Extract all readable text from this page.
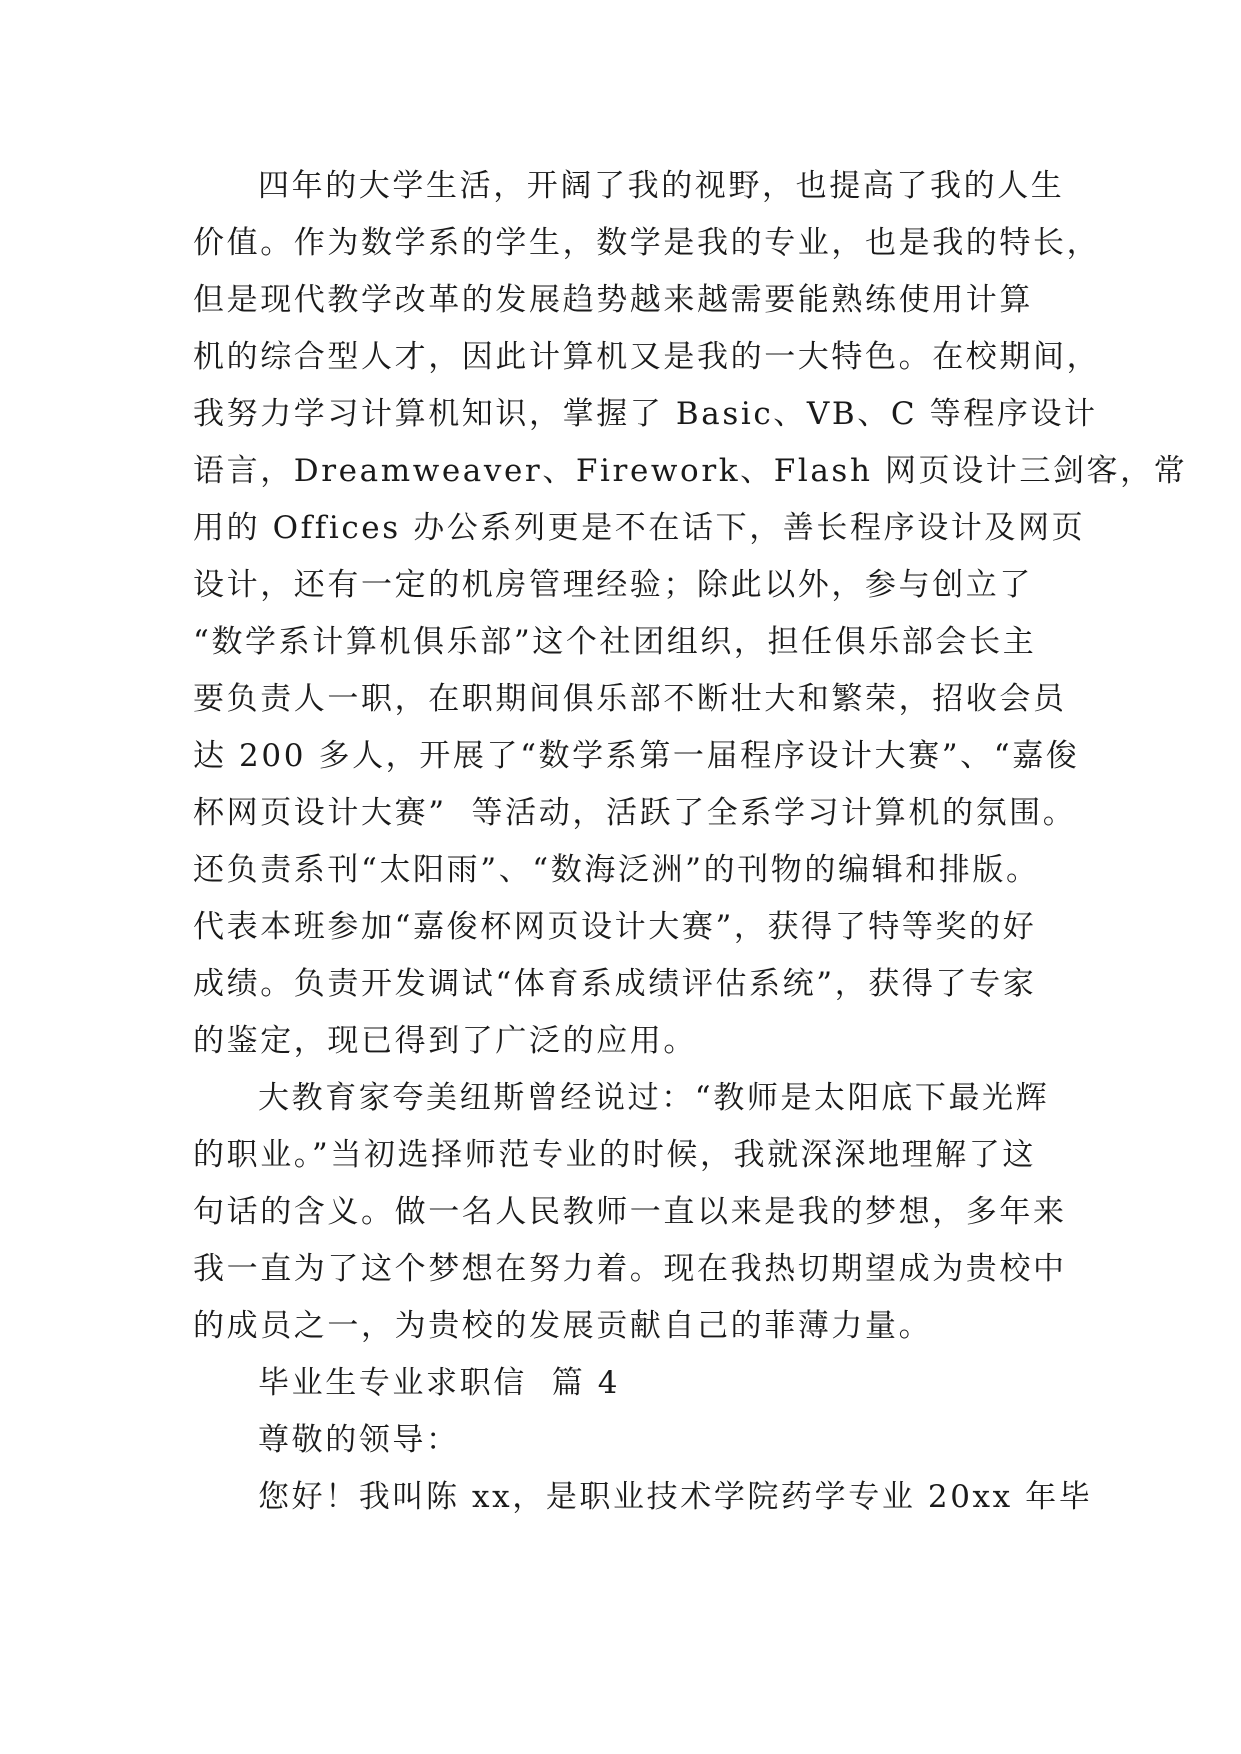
四年的大学生活，开阔了我的视野，也提高了我的人生
价值。作为数学系的学生，数学是我的专业，也是我的特长，
但是现代教学改革的发展趋势越来越需要能熟练使用计算
机的综合型人才，因此计算机又是我的一大特色。在校期间，
我努力学习计算机知识，掌握了 Basic、VB、C 等程序设计
语言，Dreamweaver、Firework、Flash 网页设计三剑客，常
用的 Offices 办公系列更是不在话下，善长程序设计及网页
设计，还有一定的机房管理经验；除此以外，参与创立了
“数学系计算机俱乐部”这个社团组织，担任俱乐部会长主
要负责人一职，在职期间俱乐部不断壮大和繁荣，招收会员
达 200 多人，开展了“数学系第一届程序设计大赛”、“嘉俊
杯网页设计大赛”  等活动，活跃了全系学习计算机的氛围。
还负责系刊“太阳雨”、“数海泛洲”的刊物的编辑和排版。
代表本班参加“嘉俊杯网页设计大赛”，获得了特等奖的好
成绩。负责开发调试“体育系成绩评估系统”，获得了专家
的鉴定，现已得到了广泛的应用。
大教育家夸美纽斯曾经说过：“教师是太阳底下最光辉
的职业。”当初选择师范专业的时候，我就深深地理解了这
句话的含义。做一名人民教师一直以来是我的梦想，多年来
我一直为了这个梦想在努力着。现在我热切期望成为贵校中
的成员之一，为贵校的发展贡献自己的菲薄力量。
毕业生专业求职信  篇 4
尊敬的领导：
您好！我叫陈 xx，是职业技术学院药学专业 20xx 年毕
